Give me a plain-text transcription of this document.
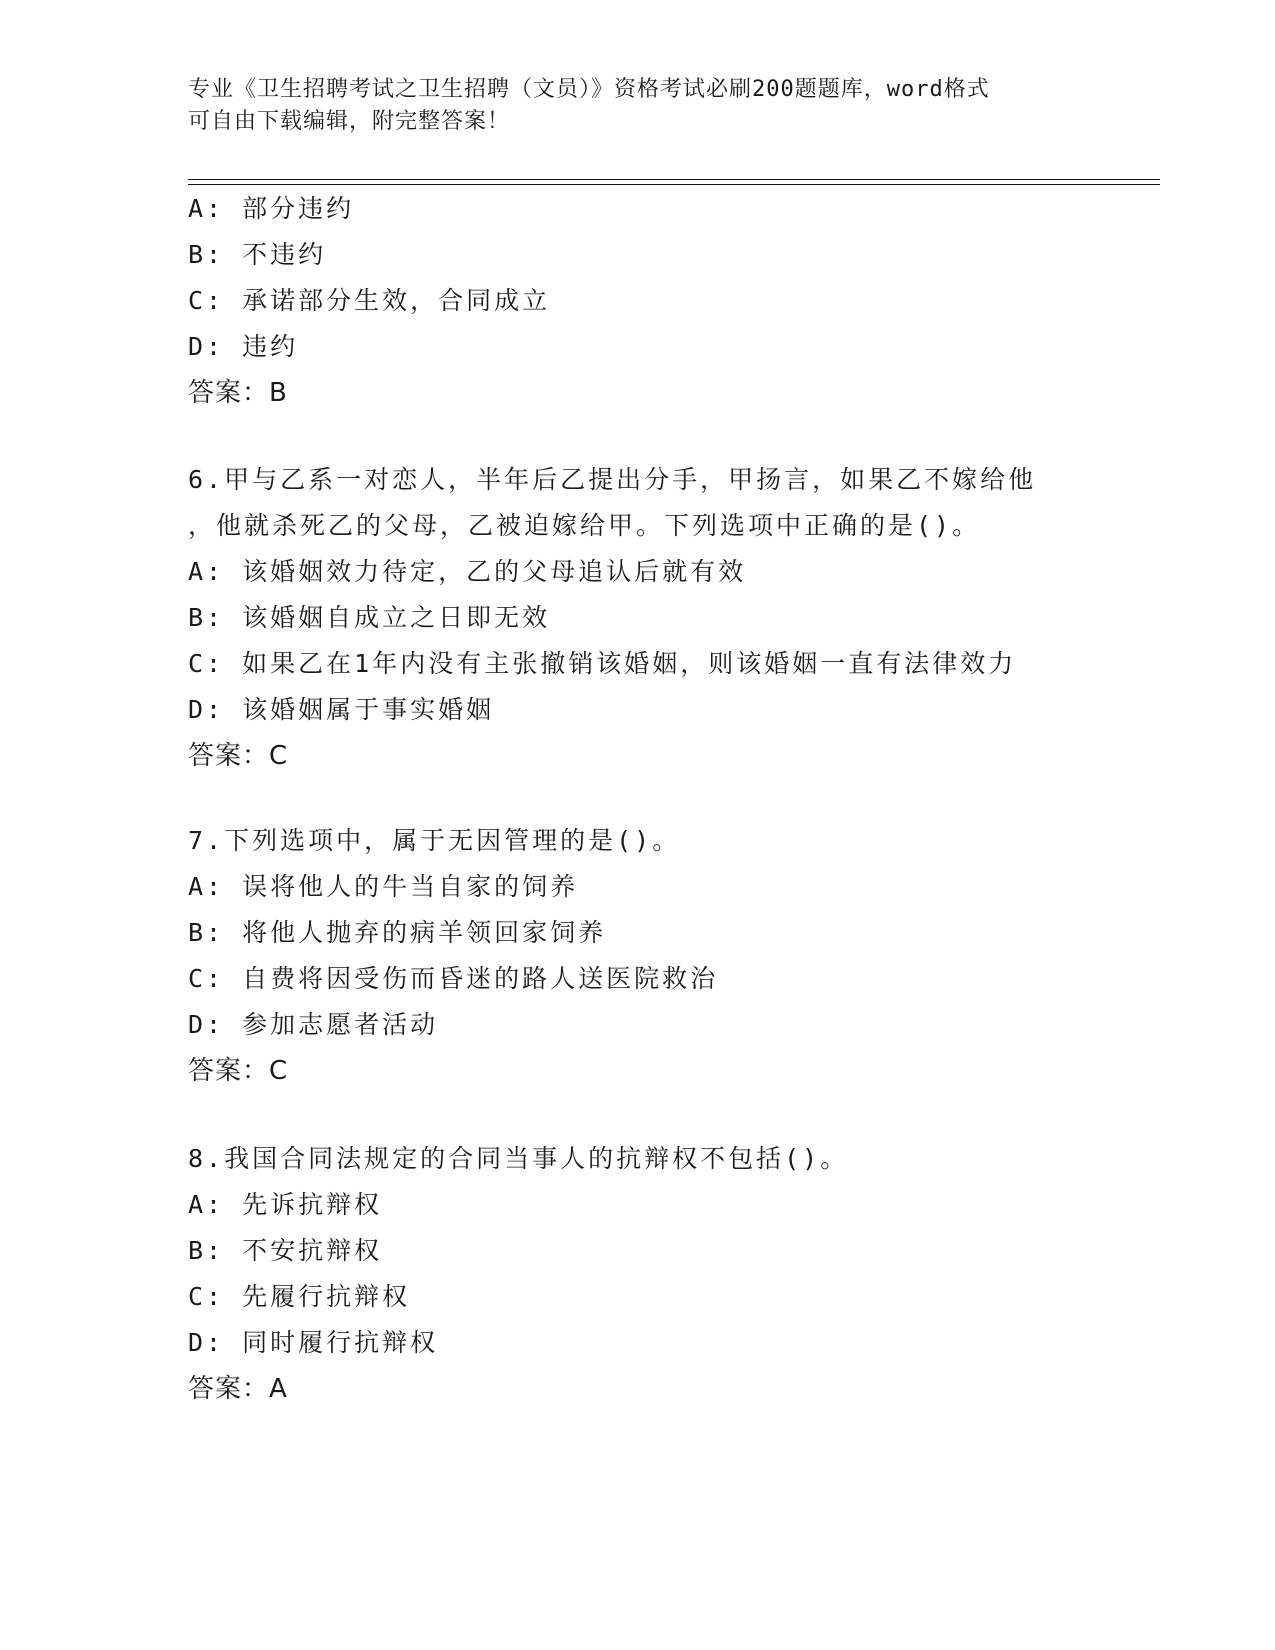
专业《卫生招聘考试之卫生招聘（文员）》资格考试必刷200题题库，word格式
可自由下载编辑，附完整答案！
A: 部分违约
B: 不违约
C: 承诺部分生效，合同成立
D: 违约
答案：B
6.甲与乙系一对恋人，半年后乙提出分手，甲扬言，如果乙不嫁给他
，他就杀死乙的父母，乙被迫嫁给甲。下列选项中正确的是()。
A: 该婚姻效力待定，乙的父母追认后就有效
B: 该婚姻自成立之日即无效
C: 如果乙在1年内没有主张撤销该婚姻，则该婚姻一直有法律效力
D: 该婚姻属于事实婚姻
答案：C
7.下列选项中，属于无因管理的是()。
A: 误将他人的牛当自家的饲养
B: 将他人抛弃的病羊领回家饲养
C: 自费将因受伤而昏迷的路人送医院救治
D: 参加志愿者活动
答案：C
8.我国合同法规定的合同当事人的抗辩权不包括()。
A: 先诉抗辩权
B: 不安抗辩权
C: 先履行抗辩权
D: 同时履行抗辩权
答案：A
